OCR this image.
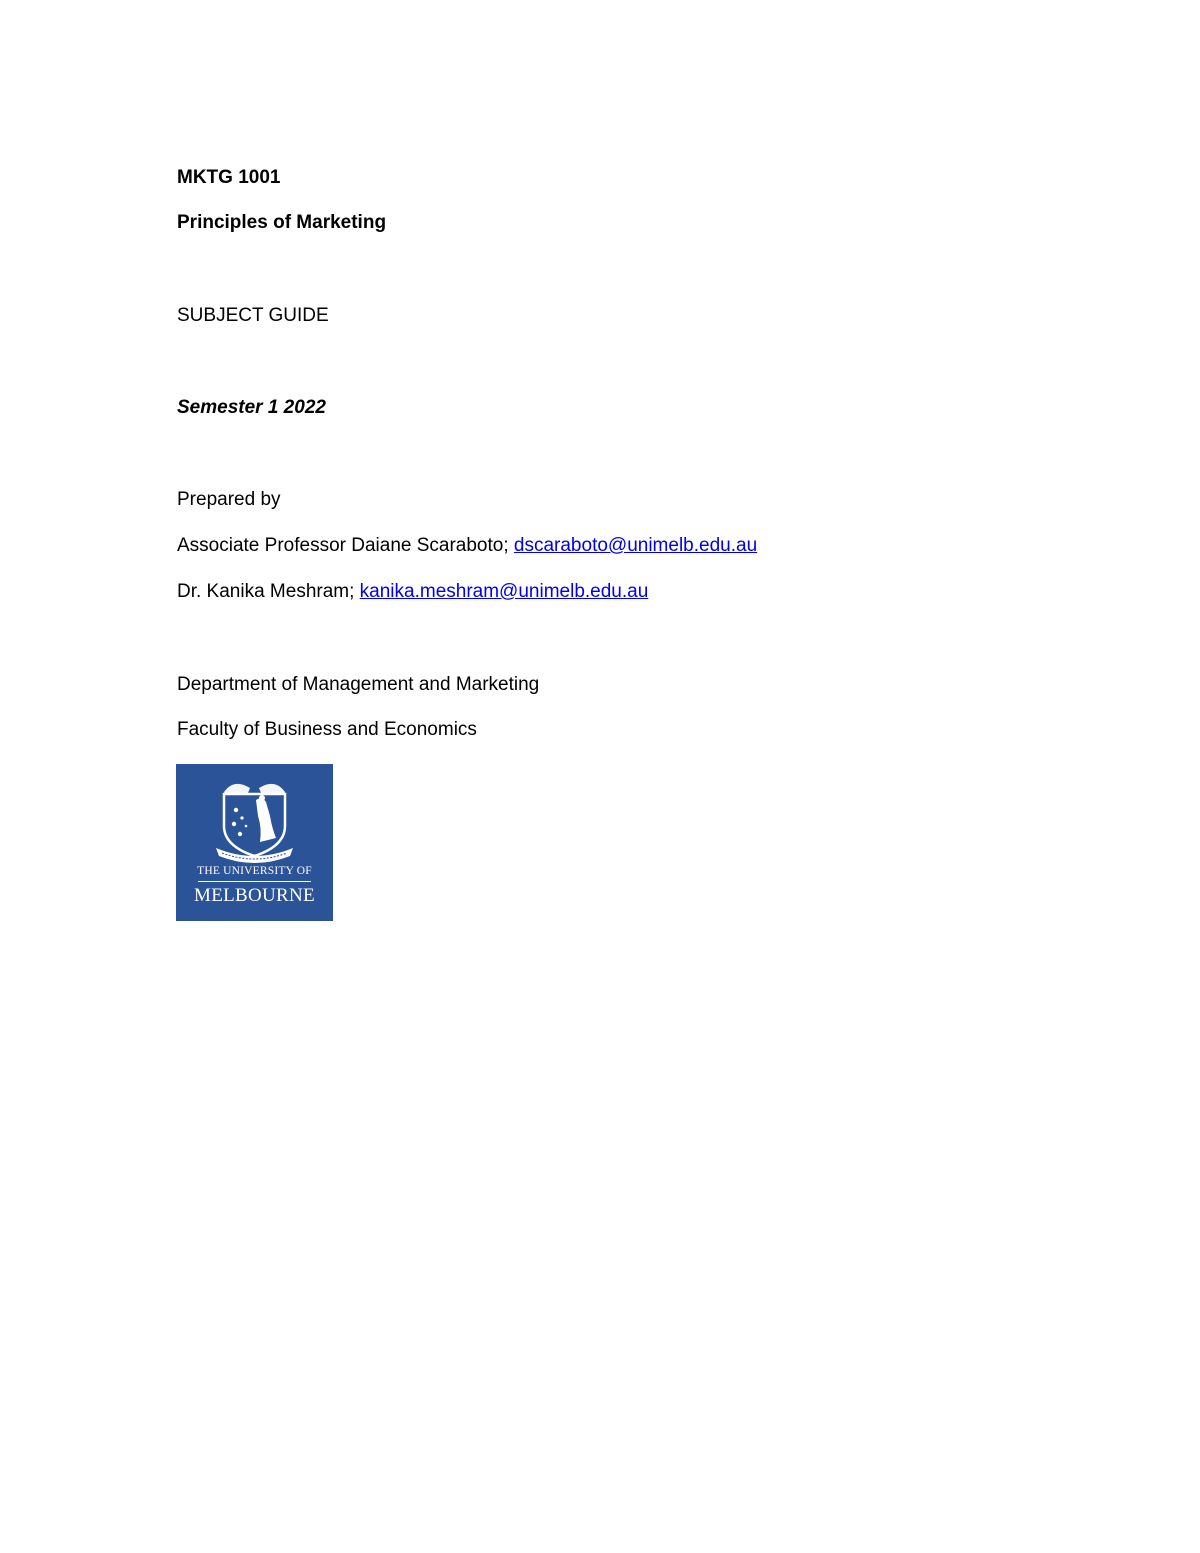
MKTG 1001
Principles of Marketing
SUBJECT GUIDE
Semester 1 2022
Prepared by
Associate Professor Daiane Scaraboto; dscaraboto@unimelb.edu.au
Dr. Kanika Meshram; kanika.meshram@unimelb.edu.au
Department of Management and Marketing
Faculty of Business and Economics
THE UNIVERSITY OF
MELBOURNE
